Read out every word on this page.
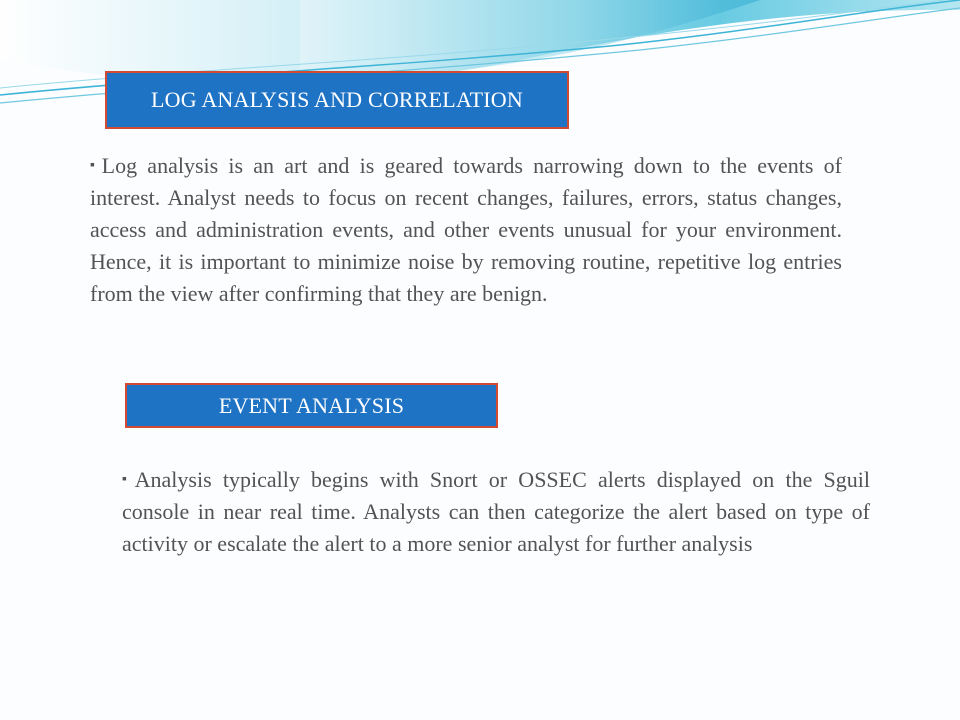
LOG ANALYSIS AND CORRELATION

▪Log analysis is an art and is geared towards narrowing down to the events of interest. Analyst needs to focus on recent changes, failures, errors, status changes, access and administration events, and other events unusual for your environment. Hence, it is important to minimize noise by removing routine, repetitive log entries from the view after confirming that they are benign.

EVENT ANALYSIS

▪Analysis typically begins with Snort or OSSEC alerts displayed on the Sguil console in near real time. Analysts can then categorize the alert based on type of activity or escalate the alert to a more senior analyst for further analysis
